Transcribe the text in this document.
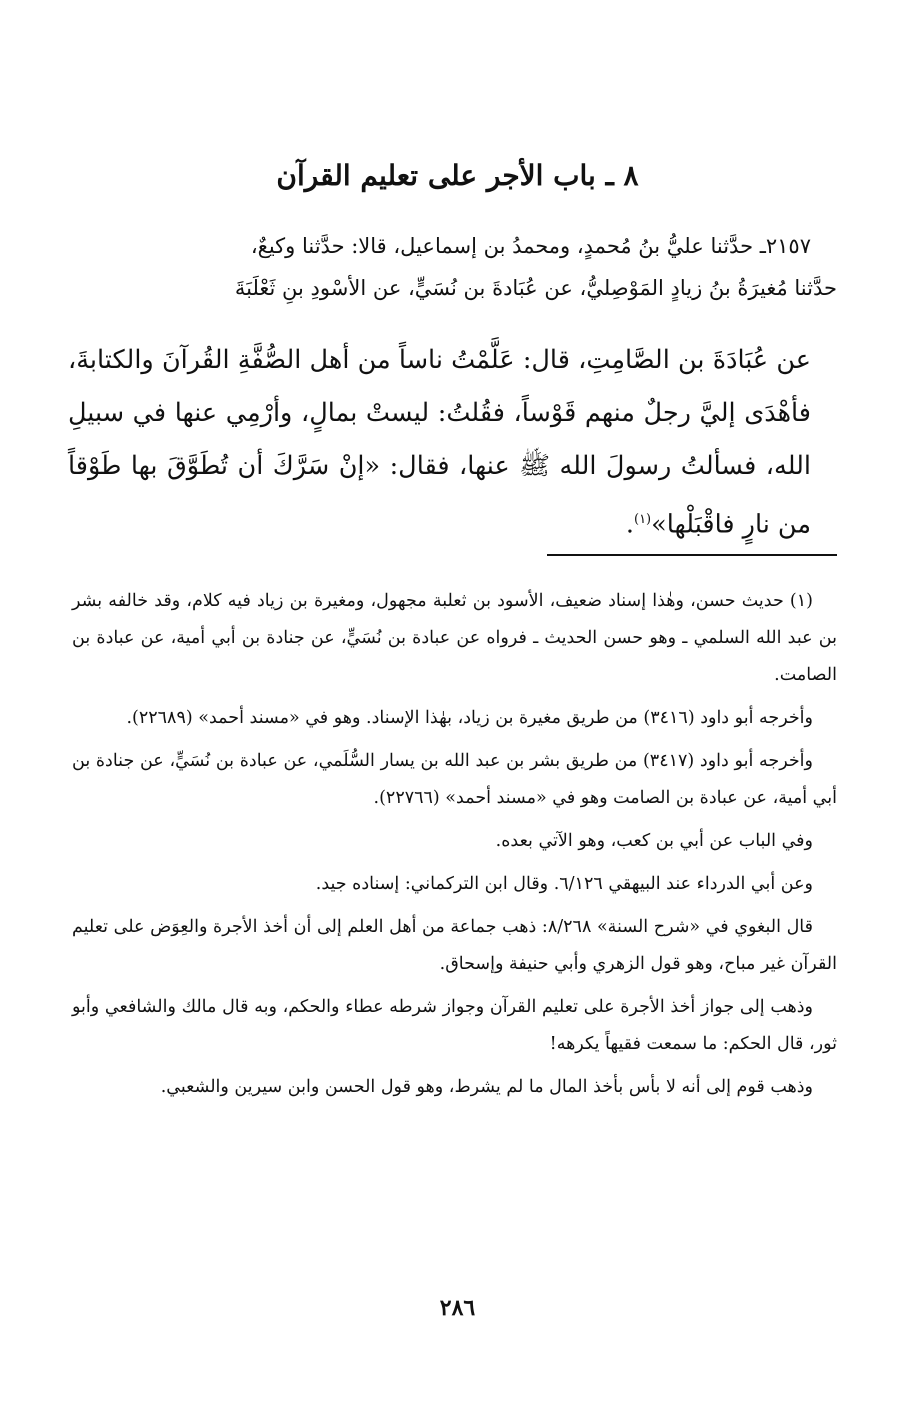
٨ ـ باب الأجر على تعليم القرآن

٢١٥٧ـ حدَّثنا عليُّ بنُ مُحمدٍ، ومحمدُ بن إسماعيل، قالا: حدَّثنا وكيعٌ،

حدَّثنا مُغيرَةُ بنُ زيادٍ المَوْصِليُّ، عن عُبَادةَ بن نُسَيٍّ، عن الأسْودِ بنِ ثَعْلَبَةَ

عن عُبَادَةَ بن الصَّامِتِ، قال: عَلَّمْتُ ناساً من أهل الصُّفَّةِ القُرآنَ والكتابةَ، فأهْدَى إليَّ رجلٌ منهم قَوْساً، فقُلتُ: ليستْ بمالٍ، وأرْمِي عنها في سبيلِ الله، فسألتُ رسولَ الله ﷺ عنها، فقال: «إنْ سَرَّكَ أن تُطَوَّقَ بها طَوْقاً من نارٍ فاقْبَلْها»$^{(١)}$.

(١) حديث حسن، وهٰذا إسناد ضعيف، الأسود بن ثعلبة مجهول، ومغيرة بن زياد فيه كلام، وقد خالفه بشر بن عبد الله السلمي ـ وهو حسن الحديث ـ فرواه عن عبادة بن نُسَيٍّ، عن جنادة بن أبي أمية، عن عبادة بن الصامت.

وأخرجه أبو داود (٣٤١٦) من طريق مغيرة بن زياد، بهٰذا الإسناد. وهو في «مسند أحمد» (٢٢٦٨٩).

وأخرجه أبو داود (٣٤١٧) من طريق بشر بن عبد الله بن يسار السُّلَمي، عن عبادة بن نُسَيٍّ، عن جنادة بن أبي أمية، عن عبادة بن الصامت وهو في «مسند أحمد» (٢٢٧٦٦).

وفي الباب عن أبي بن كعب، وهو الآتي بعده.

وعن أبي الدرداء عند البيهقي ٦/١٢٦. وقال ابن التركماني: إسناده جيد.

قال البغوي في «شرح السنة» ٨/٢٦٨: ذهب جماعة من أهل العلم إلى أن أخذ الأجرة والعِوَض على تعليم القرآن غير مباح، وهو قول الزهري وأبي حنيفة وإسحاق.

وذهب إلى جواز أخذ الأجرة على تعليم القرآن وجواز شرطه عطاء والحكم، وبه قال مالك والشافعي وأبو ثور، قال الحكم: ما سمعت فقيهاً يكرهه!

وذهب قوم إلى أنه لا بأس بأخذ المال ما لم يشرط، وهو قول الحسن وابن سيرين والشعبي.

٢٨٦
